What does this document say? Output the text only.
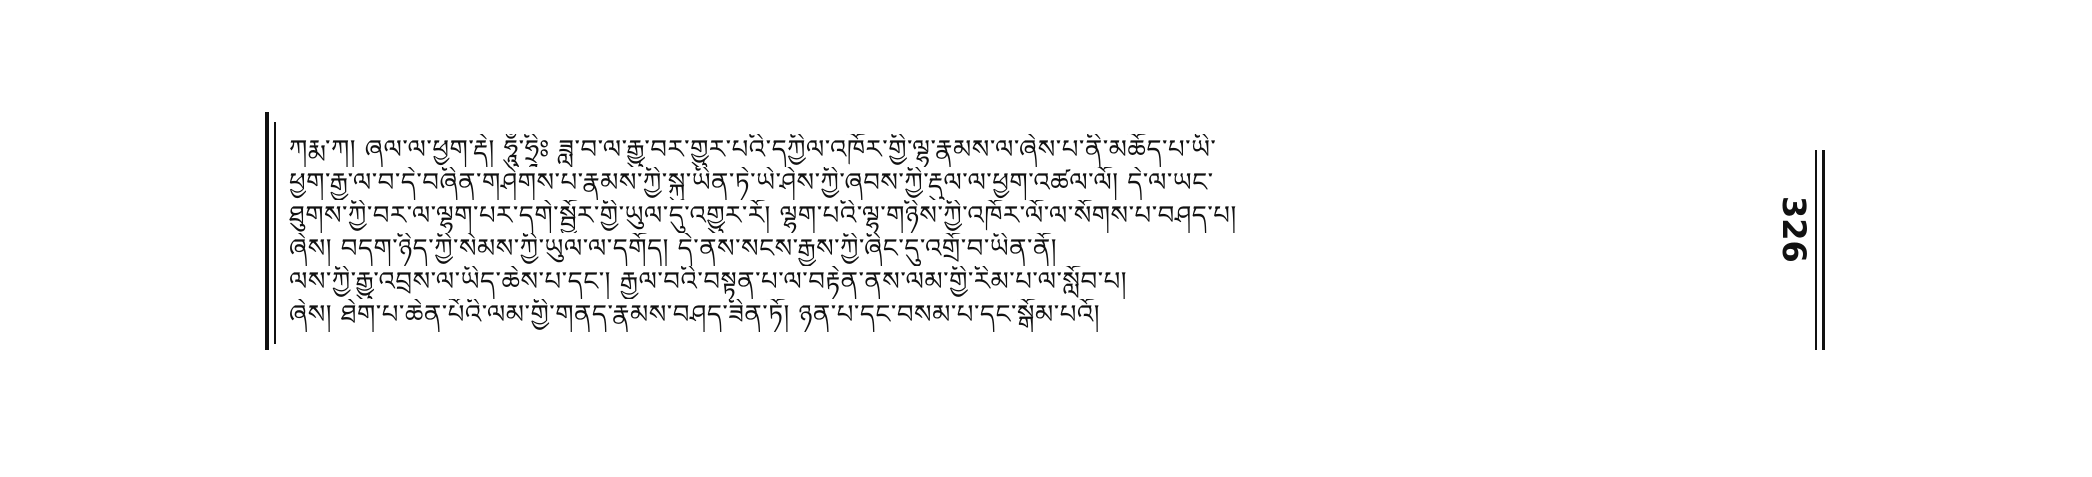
ཀརྨ་ཀ། ཞལ་ལ་ཕྱག་རྡེ། ཧཱུྃ་ཧྲཱིཿ ཟླ་བ་ལ་རྒྱུ་བར་གྱུར་པའི་དཀྱིལ་འཁོར་གྱི་ལྷ་རྣམས་ལ་ཞེས་པ་ནི་མཆོད་པ་ཡི་
ཕྱག་རྒྱ་ལ་བ་དེ་བཞིན་གཤེགས་པ་རྣམས་ཀྱི་སྐུ་ཡིན་ཏེ་ཡེ་ཤེས་ཀྱི་ཞབས་ཀྱི་རྡུལ་ལ་ཕྱག་འཚལ་ལོ། དེ་ལ་ཡང་
ཐུགས་ཀྱི་བར་ལ་ལྷག་པར་དགེ་སྦྱོར་གྱི་ཡུལ་དུ་འགྱུར་རོ། ལྷག་པའི་ལྷ་གཉིས་ཀྱི་འཁོར་ལོ་ལ་སོགས་པ་བཤད་པ།
ཞེས། བདག་ཉིད་ཀྱི་སེམས་ཀྱི་ཡུལ་ལ་དགོད། དེ་ནས་སངས་རྒྱས་ཀྱི་ཞིང་དུ་འགྲོ་བ་ཡིན་ནོ།
ལས་ཀྱི་རྒྱུ་འབྲས་ལ་ཡིད་ཆེས་པ་དང་། རྒྱལ་བའི་བསྟན་པ་ལ་བརྟེན་ནས་ལམ་གྱི་རིམ་པ་ལ་སློབ་པ།
ཞེས། ཐེག་པ་ཆེན་པོའི་ལམ་གྱི་གནད་རྣམས་བཤད་ཟིན་ཏོ། ཉན་པ་དང་བསམ་པ་དང་སྒོམ་པའོ།
326
